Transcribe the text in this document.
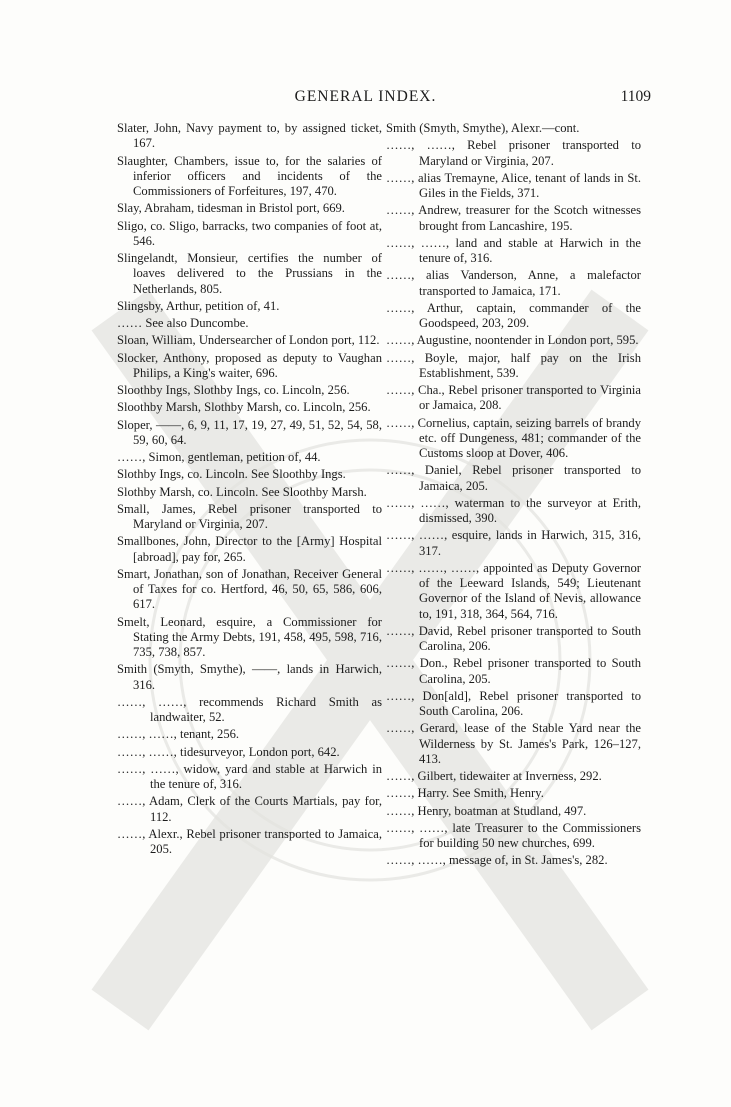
GENERAL INDEX.	1109
Slater, John, Navy payment to, by assigned ticket, 167.
Slaughter, Chambers, issue to, for the salaries of inferior officers and incidents of the Commissioners of Forfeitures, 197, 470.
Slay, Abraham, tidesman in Bristol port, 669.
Sligo, co. Sligo, barracks, two companies of foot at, 546.
Slingelandt, Monsieur, certifies the number of loaves delivered to the Prussians in the Netherlands, 805.
Slingsby, Arthur, petition of, 41.
…… See also Duncombe.
Sloan, William, Undersearcher of London port, 112.
Slocker, Anthony, proposed as deputy to Vaughan Philips, a King's waiter, 696.
Sloothby Ings, Slothby Ings, co. Lincoln, 256.
Sloothby Marsh, Slothby Marsh, co. Lincoln, 256.
Sloper, ——, 6, 9, 11, 17, 19, 27, 49, 51, 52, 54, 58, 59, 60, 64.
……, Simon, gentleman, petition of, 44.
Slothby Ings, co. Lincoln. See Sloothby Ings.
Slothby Marsh, co. Lincoln. See Sloothby Marsh.
Small, James, Rebel prisoner transported to Maryland or Virginia, 207.
Smallbones, John, Director to the [Army] Hospital [abroad], pay for, 265.
Smart, Jonathan, son of Jonathan, Receiver General of Taxes for co. Hertford, 46, 50, 65, 586, 606, 617.
Smelt, Leonard, esquire, a Commissioner for Stating the Army Debts, 191, 458, 495, 598, 716, 735, 738, 857.
Smith (Smyth, Smythe), ——, lands in Harwich, 316.
……, ……, recommends Richard Smith as landwaiter, 52.
……, ……, tenant, 256.
……, ……, tidesurveyor, London port, 642.
……, ……, widow, yard and stable at Harwich in the tenure of, 316.
……, Adam, Clerk of the Courts Martials, pay for, 112.
……, Alexr., Rebel prisoner transported to Jamaica, 205.
Smith (Smyth, Smythe), Alexr.—cont.
……, ……, Rebel prisoner transported to Maryland or Virginia, 207.
……, alias Tremayne, Alice, tenant of lands in St. Giles in the Fields, 371.
……, Andrew, treasurer for the Scotch witnesses brought from Lancashire, 195.
……, ……, land and stable at Harwich in the tenure of, 316.
……, alias Vanderson, Anne, a malefactor transported to Jamaica, 171.
……, Arthur, captain, commander of the Goodspeed, 203, 209.
……, Augustine, noontender in London port, 595.
……, Boyle, major, half pay on the Irish Establishment, 539.
……, Cha., Rebel prisoner transported to Virginia or Jamaica, 208.
……, Cornelius, captain, seizing barrels of brandy etc. off Dungeness, 481; commander of the Customs sloop at Dover, 406.
……, Daniel, Rebel prisoner transported to Jamaica, 205.
……, ……, waterman to the surveyor at Erith, dismissed, 390.
……, ……, esquire, lands in Harwich, 315, 316, 317.
……, ……, ……, appointed as Deputy Governor of the Leeward Islands, 549; Lieutenant Governor of the Island of Nevis, allowance to, 191, 318, 364, 564, 716.
……, David, Rebel prisoner transported to South Carolina, 206.
……, Don., Rebel prisoner transported to South Carolina, 205.
……, Don[ald], Rebel prisoner transported to South Carolina, 206.
……, Gerard, lease of the Stable Yard near the Wilderness by St. James's Park, 126–127, 413.
……, Gilbert, tidewaiter at Inverness, 292.
……, Harry. See Smith, Henry.
……, Henry, boatman at Studland, 497.
……, ……, late Treasurer to the Commissioners for building 50 new churches, 699.
……, ……, message of, in St. James's, 282.
